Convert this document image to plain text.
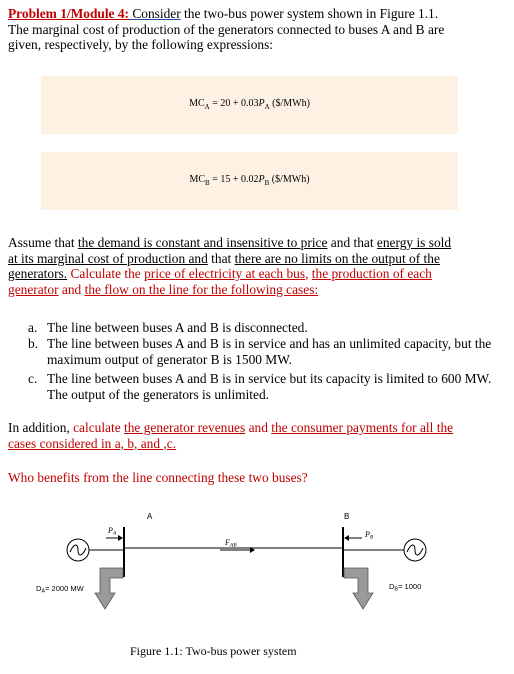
Problem 1/Module 4: Consider the two-bus power system shown in Figure 1.1.
The marginal cost of production of the generators connected to buses A and B are
given, respectively, by the following expressions:
$MC_A = 20 + 0.03P_A$ ($/MWh)
$MC_B = 15 + 0.02P_B$ ($/MWh)
Assume that the demand is constant and insensitive to price and that energy is sold
at its marginal cost of production and that there are no limits on the output of the
generators. Calculate the price of electricity at each bus, the production of each
generator and the flow on the line for the following cases:
a. The line between buses A and B is disconnected.
b. The line between buses A and B is in service and has an unlimited capacity, but the maximum output of generator B is 1500 MW.
c. The line between buses A and B is in service but its capacity is limited to 600 MW. The output of the generators is unlimited.
In addition, calculate the generator revenues and the consumer payments for all the
cases considered in a, b, and ,c.
Who benefits from the line connecting these two buses?
A	B
PA
FAB
PB
$D_A= 2000$ MW	$D_B= 1000$
Figure 1.1: Two-bus power system
